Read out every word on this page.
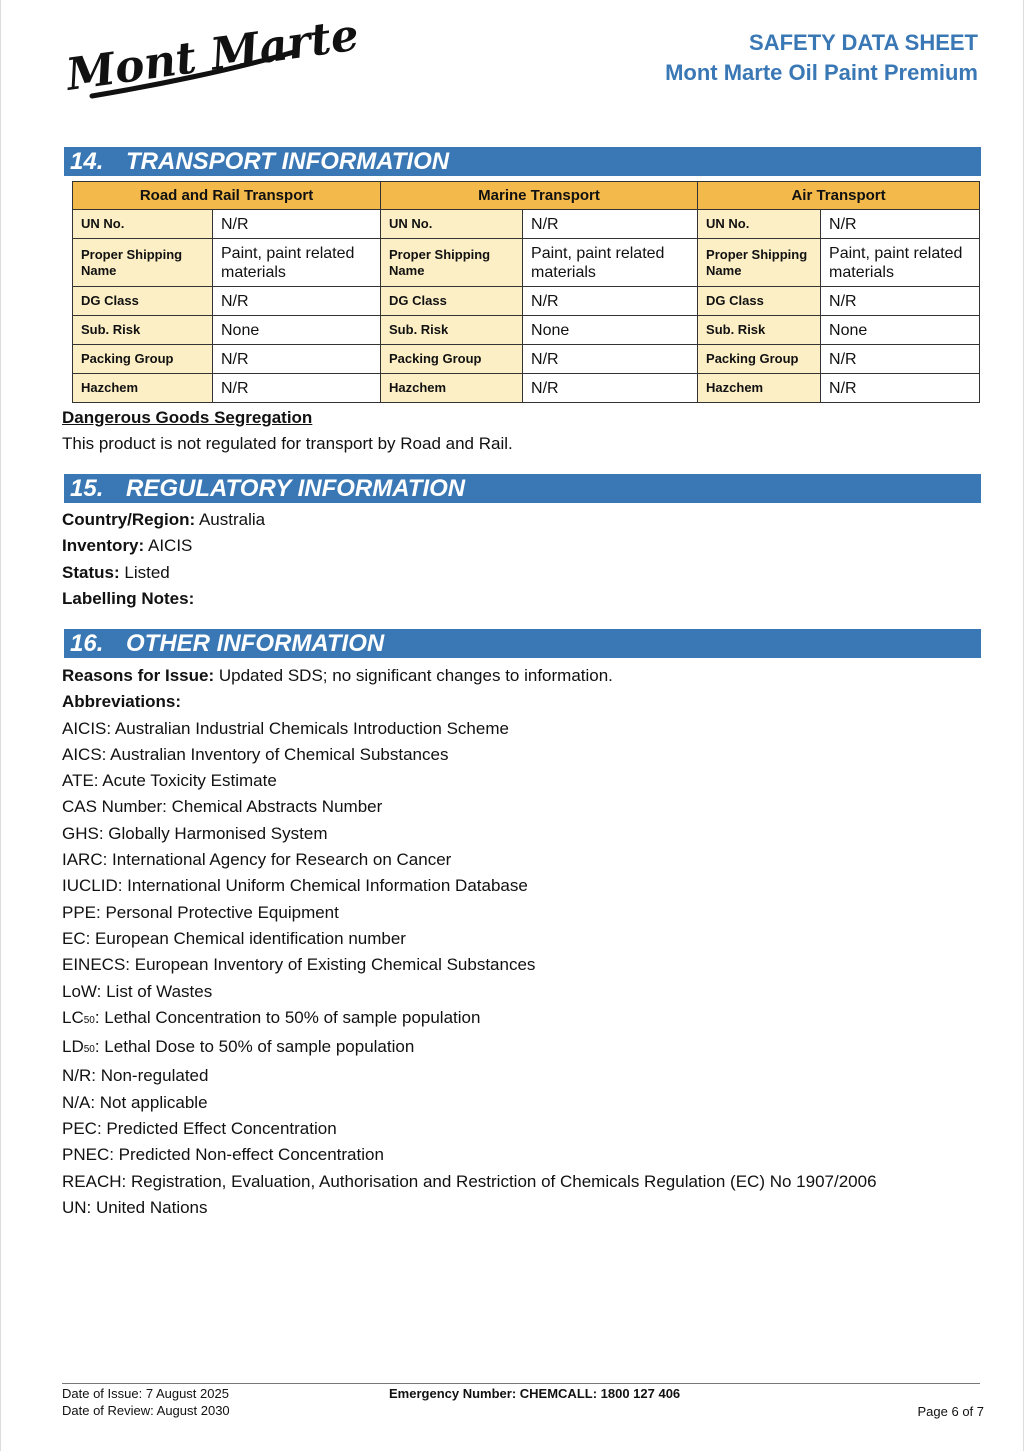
Mont Marte	SAFETY DATA SHEET
Mont Marte Oil Paint Premium
14. TRANSPORT INFORMATION
Road and Rail Transport		Marine Transport		Air Transport	
UN No.	N/R	UN No.	N/R	UN No.	N/R
Proper Shipping Name	Paint, paint related materials	Proper Shipping Name	Paint, paint related materials	Proper Shipping Name	Paint, paint related materials
DG Class	N/R	DG Class	N/R	DG Class	N/R
Sub. Risk	None	Sub. Risk	None	Sub. Risk	None
Packing Group	N/R	Packing Group	N/R	Packing Group	N/R
Hazchem	N/R	Hazchem	N/R	Hazchem	N/R

Dangerous Goods Segregation

This product is not regulated for transport by Road and Rail.

15. REGULATORY INFORMATION

Country/Region: Australia

Inventory: AICIS

Status: Listed

Labelling Notes:

16. OTHER INFORMATION

Reasons for Issue: Updated SDS; no significant changes to information.

Abbreviations:

AICIS: Australian Industrial Chemicals Introduction Scheme

AICS: Australian Inventory of Chemical Substances

ATE: Acute Toxicity Estimate

CAS Number: Chemical Abstracts Number

GHS: Globally Harmonised System

IARC: International Agency for Research on Cancer

IUCLID: International Uniform Chemical Information Database

PPE: Personal Protective Equipment

EC: European Chemical identification number

EINECS: European Inventory of Existing Chemical Substances

LoW: List of Wastes

LC50: Lethal Concentration to 50% of sample population

LD50: Lethal Dose to 50% of sample population

N/R: Non-regulated

N/A: Not applicable

PEC: Predicted Effect Concentration

PNEC: Predicted Non-effect Concentration

REACH: Registration, Evaluation, Authorisation and Restriction of Chemicals Regulation (EC) No 1907/2006

UN: United Nations

Date of Issue: 7 August 2025
Date of Review: August 2030
Emergency Number: CHEMCALL: 1800 127 406
Page 6 of 7
